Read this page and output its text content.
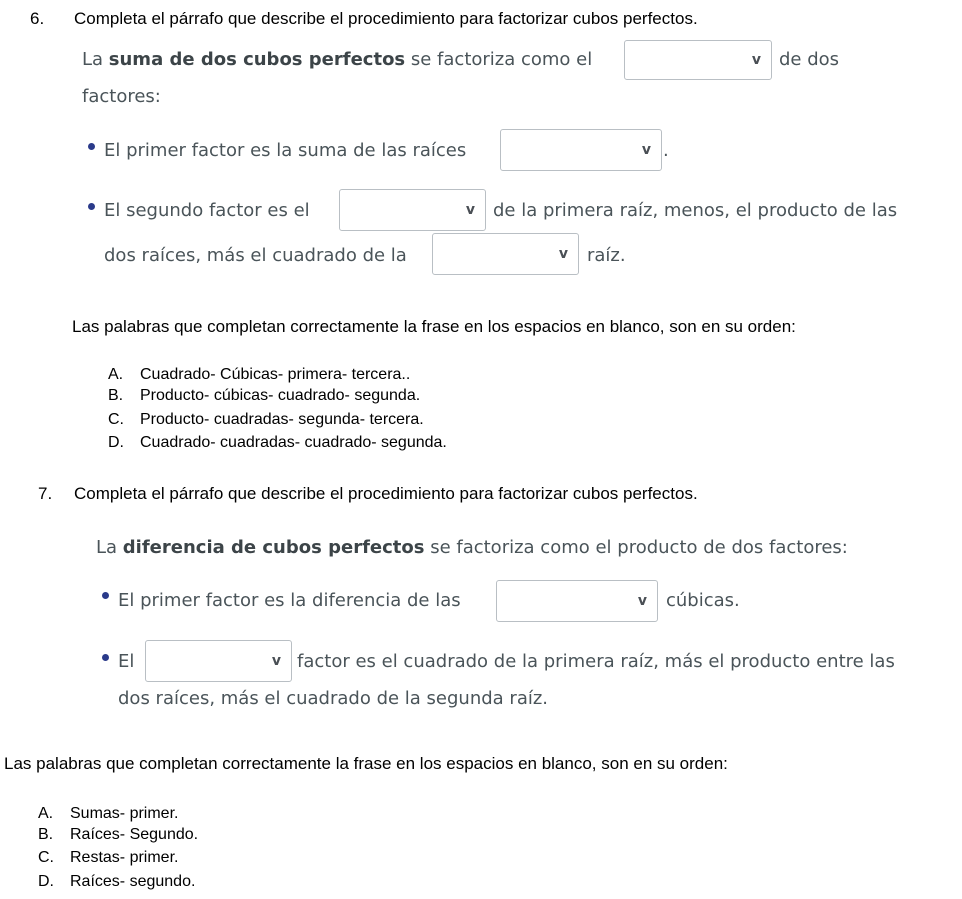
6. Completa el párrafo que describe el procedimiento para factorizar cubos perfectos.
La suma de dos cubos perfectos se factoriza como el	v de dos
factores:
El primer factor es la suma de las raíces	v .
El segundo factor es el	v de la primera raíz, menos, el producto de las
dos raíces, más el cuadrado de la	v raíz.
Las palabras que completan correctamente la frase en los espacios en blanco, son en su orden:
A. Cuadrado- Cúbicas- primera- tercera..
B. Producto- cúbicas- cuadrado- segunda.
C. Producto- cuadradas- segunda- tercera.
D. Cuadrado- cuadradas- cuadrado- segunda.
7. Completa el párrafo que describe el procedimiento para factorizar cubos perfectos.
La diferencia de cubos perfectos se factoriza como el producto de dos factores:
El primer factor es la diferencia de las	v cúbicas.
El	v factor es el cuadrado de la primera raíz, más el producto entre las
dos raíces, más el cuadrado de la segunda raíz.
Las palabras que completan correctamente la frase en los espacios en blanco, son en su orden:
A. Sumas- primer.
B. Raíces- Segundo.
C. Restas- primer.
D. Raíces- segundo.
